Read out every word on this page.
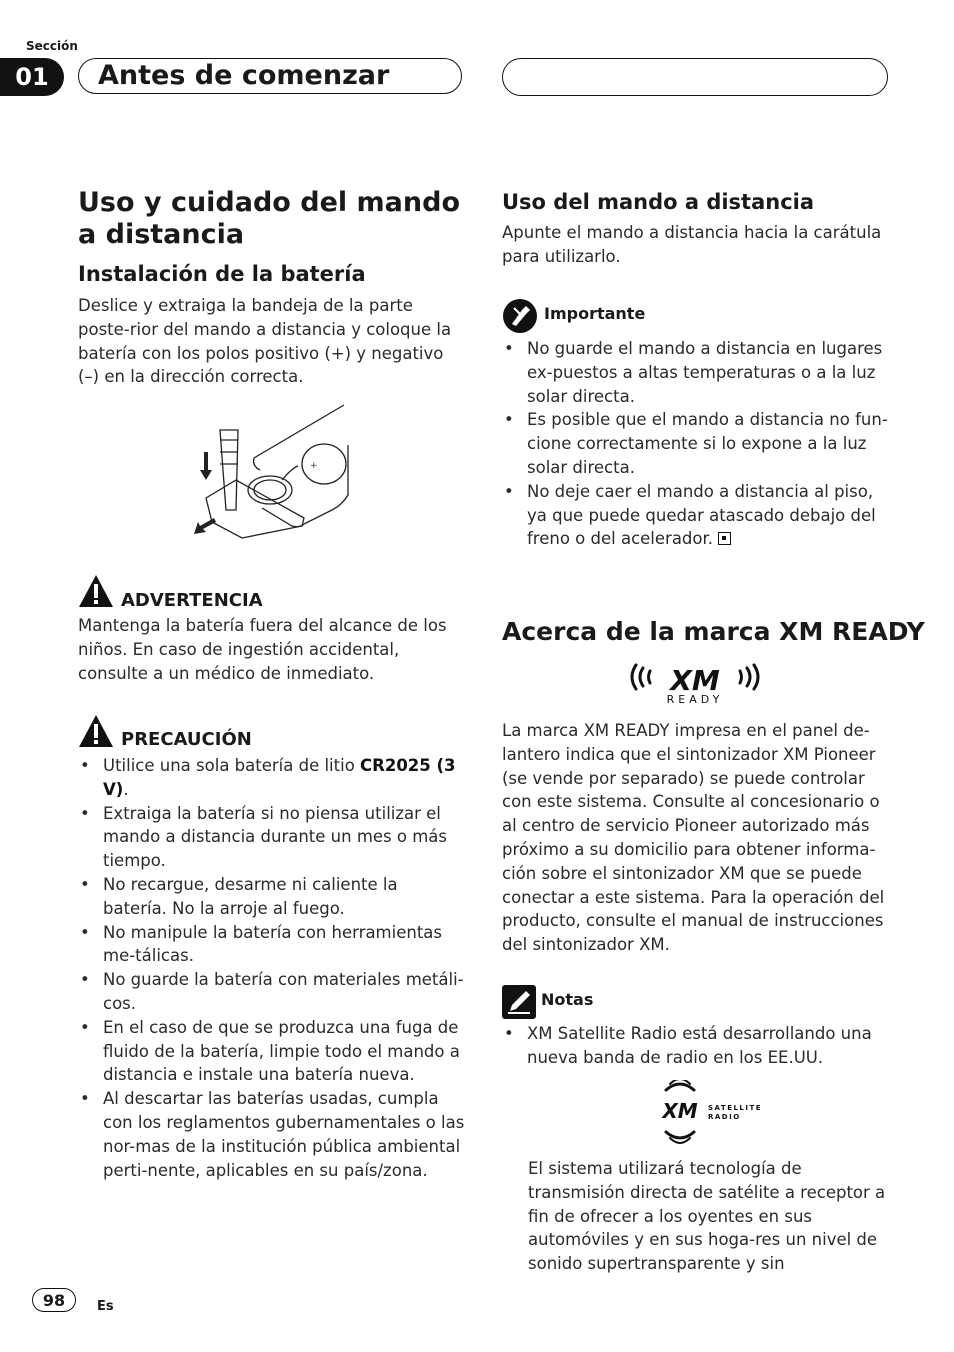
Sección
01	Antes de comenzar
Uso y cuidado del mando a distancia
Instalación de la batería
Deslice y extraiga la bandeja de la parte poste-rior del mando a distancia y coloque la batería con los polos positivo (+) y negativo (–) en la dirección correcta.
+
ADVERTENCIA
Mantenga la batería fuera del alcance de los niños. En caso de ingestión accidental, consulte a un médico de inmediato.
PRECAUCIÓN
• Utilice una sola batería de litio CR2025 (3 V).
• Extraiga la batería si no piensa utilizar el mando a distancia durante un mes o más tiempo.
• No recargue, desarme ni caliente la batería. No la arroje al fuego.
• No manipule la batería con herramientas me-tálicas.
• No guarde la batería con materiales metáli-cos.
• En el caso de que se produzca una fuga de fluido de la batería, limpie todo el mando a distancia e instale una batería nueva.
• Al descartar las baterías usadas, cumpla con los reglamentos gubernamentales o las nor-mas de la institución pública ambiental perti-nente, aplicables en su país/zona.
Uso del mando a distancia
Apunte el mando a distancia hacia la carátula para utilizarlo.
Importante
• No guarde el mando a distancia en lugares ex-puestos a altas temperaturas o a la luz solar directa.
• Es posible que el mando a distancia no fun-cione correctamente si lo expone a la luz solar directa.
• No deje caer el mando a distancia al piso, ya que puede quedar atascado debajo del freno o del acelerador.
Acerca de la marca XM READY
XM
READY
La marca XM READY impresa en el panel de-lantero indica que el sintonizador XM Pioneer (se vende por separado) se puede controlar con este sistema. Consulte al concesionario o al centro de servicio Pioneer autorizado más próximo a su domicilio para obtener informa-ción sobre el sintonizador XM que se puede conectar a este sistema. Para la operación del producto, consulte el manual de instrucciones del sintonizador XM.
Notas
• XM Satellite Radio está desarrollando una nueva banda de radio en los EE.UU.
XM SATELLITE
RADIO
El sistema utilizará tecnología de transmisión directa de satélite a receptor a fin de ofrecer a los oyentes en sus automóviles y en sus hoga-res un nivel de sonido supertransparente y sin
98	Es
